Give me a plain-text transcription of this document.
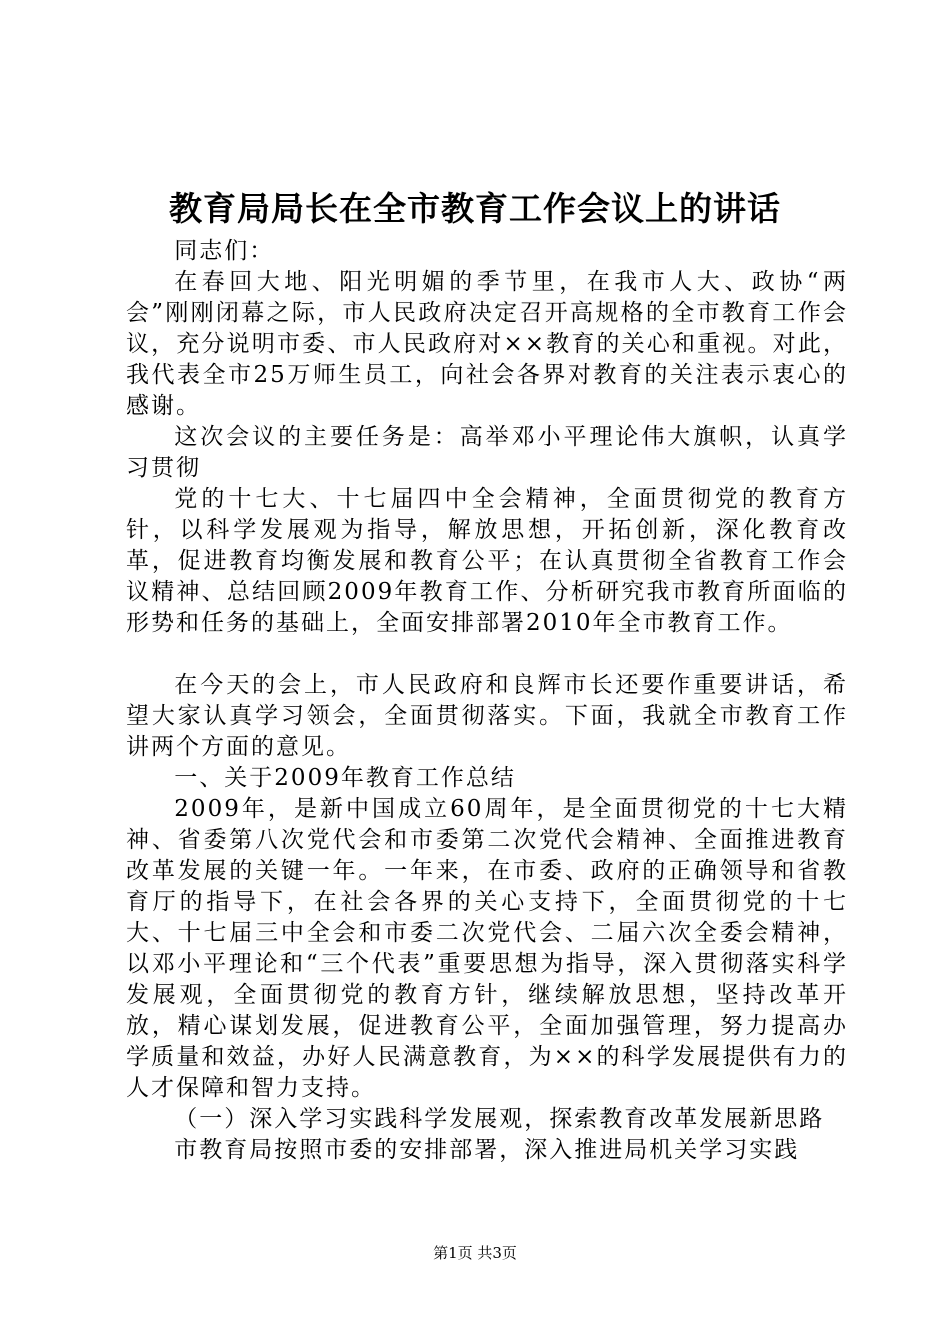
教育局局长在全市教育工作会议上的讲话

同志们：

在春回大地、阳光明媚的季节里，在我市人大、政协“两会”刚刚闭幕之际，市人民政府决定召开高规格的全市教育工作会议，充分说明市委、市人民政府对××教育的关心和重视。对此，我代表全市25万师生员工，向社会各界对教育的关注表示衷心的感谢。

这次会议的主要任务是：高举邓小平理论伟大旗帜，认真学习贯彻

党的十七大、十七届四中全会精神，全面贯彻党的教育方针，以科学发展观为指导，解放思想，开拓创新，深化教育改革，促进教育均衡发展和教育公平；在认真贯彻全省教育工作会议精神、总结回顾2009年教育工作、分析研究我市教育所面临的形势和任务的基础上，全面安排部署2010年全市教育工作。

在今天的会上，市人民政府和良辉市长还要作重要讲话，希望大家认真学习领会，全面贯彻落实。下面，我就全市教育工作讲两个方面的意见。

一、关于2009年教育工作总结

2009年，是新中国成立60周年，是全面贯彻党的十七大精神、省委第八次党代会和市委第二次党代会精神、全面推进教育改革发展的关键一年。一年来，在市委、政府的正确领导和省教育厅的指导下，在社会各界的关心支持下，全面贯彻党的十七大、十七届三中全会和市委二次党代会、二届六次全委会精神，以邓小平理论和“三个代表”重要思想为指导，深入贯彻落实科学发展观，全面贯彻党的教育方针，继续解放思想，坚持改革开放，精心谋划发展，促进教育公平，全面加强管理，努力提高办学质量和效益，办好人民满意教育，为××的科学发展提供有力的人才保障和智力支持。

（一）深入学习实践科学发展观，探索教育改革发展新思路

市教育局按照市委的安排部署，深入推进局机关学习实践

第1页 共3页
